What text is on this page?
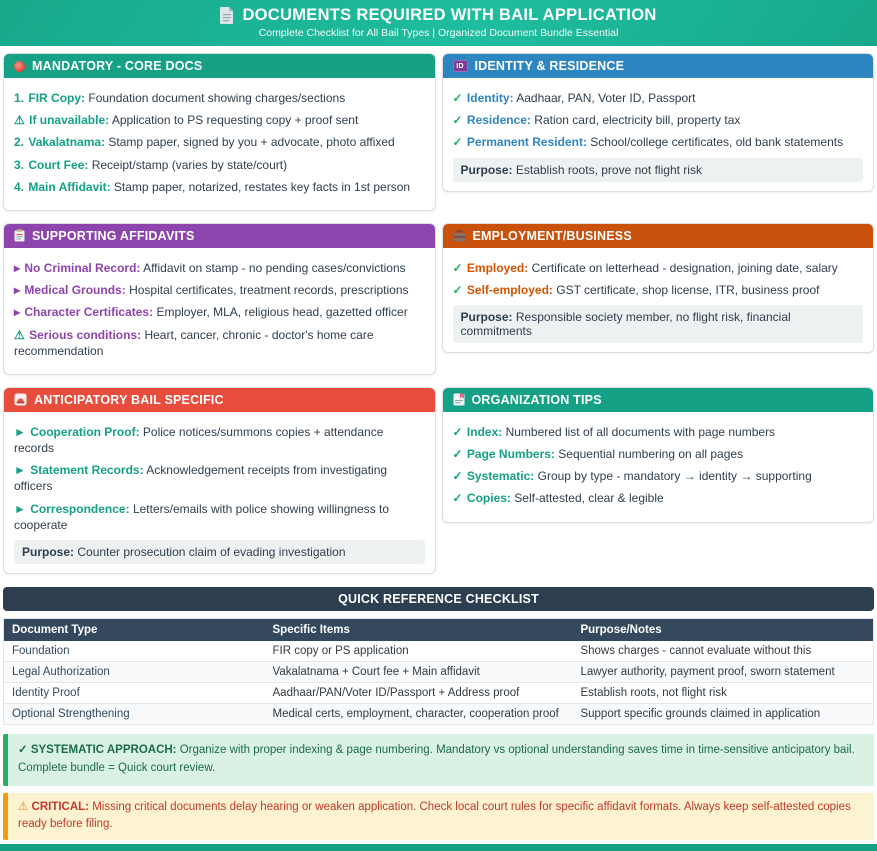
DOCUMENTS REQUIRED WITH BAIL APPLICATION
Complete Checklist for All Bail Types | Organized Document Bundle Essential
MANDATORY - CORE DOCS
1. FIR Copy: Foundation document showing charges/sections
⚠ If unavailable: Application to PS requesting copy + proof sent
2. Vakalatnama: Stamp paper, signed by you + advocate, photo affixed
3. Court Fee: Receipt/stamp (varies by state/court)
4. Main Affidavit: Stamp paper, notarized, restates key facts in 1st person
ID IDENTITY & RESIDENCE
✓ Identity: Aadhaar, PAN, Voter ID, Passport
✓ Residence: Ration card, electricity bill, property tax
✓ Permanent Resident: School/college certificates, old bank statements
Purpose: Establish roots, prove not flight risk
SUPPORTING AFFIDAVITS
▸ No Criminal Record: Affidavit on stamp - no pending cases/convictions
▸ Medical Grounds: Hospital certificates, treatment records, prescriptions
▸ Character Certificates: Employer, MLA, religious head, gazetted officer
⚠ Serious conditions: Heart, cancer, chronic - doctor's home care recommendation
EMPLOYMENT/BUSINESS
✓ Employed: Certificate on letterhead - designation, joining date, salary
✓ Self-employed: GST certificate, shop license, ITR, business proof
Purpose: Responsible society member, no flight risk, financial commitments
ANTICIPATORY BAIL SPECIFIC
► Cooperation Proof: Police notices/summons copies + attendance records
► Statement Records: Acknowledgement receipts from investigating officers
► Correspondence: Letters/emails with police showing willingness to cooperate
Purpose: Counter prosecution claim of evading investigation
ORGANIZATION TIPS
✓ Index: Numbered list of all documents with page numbers
✓ Page Numbers: Sequential numbering on all pages
✓ Systematic: Group by type - mandatory → identity → supporting
✓ Copies: Self-attested, clear & legible
QUICK REFERENCE CHECKLIST
Document Type	Specific Items	Purpose/Notes
Foundation	FIR copy or PS application	Shows charges - cannot evaluate without this
Legal Authorization	Vakalatnama + Court fee + Main affidavit	Lawyer authority, payment proof, sworn statement
Identity Proof	Aadhaar/PAN/Voter ID/Passport + Address proof	Establish roots, not flight risk
Optional Strengthening	Medical certs, employment, character, cooperation proof	Support specific grounds claimed in application
✓ SYSTEMATIC APPROACH: Organize with proper indexing & page numbering. Mandatory vs optional understanding saves time in time-sensitive anticipatory bail. Complete bundle = Quick court review.
⚠ CRITICAL: Missing critical documents delay hearing or weaken application. Check local court rules for specific affidavit formats. Always keep self-attested copies ready before filing.
